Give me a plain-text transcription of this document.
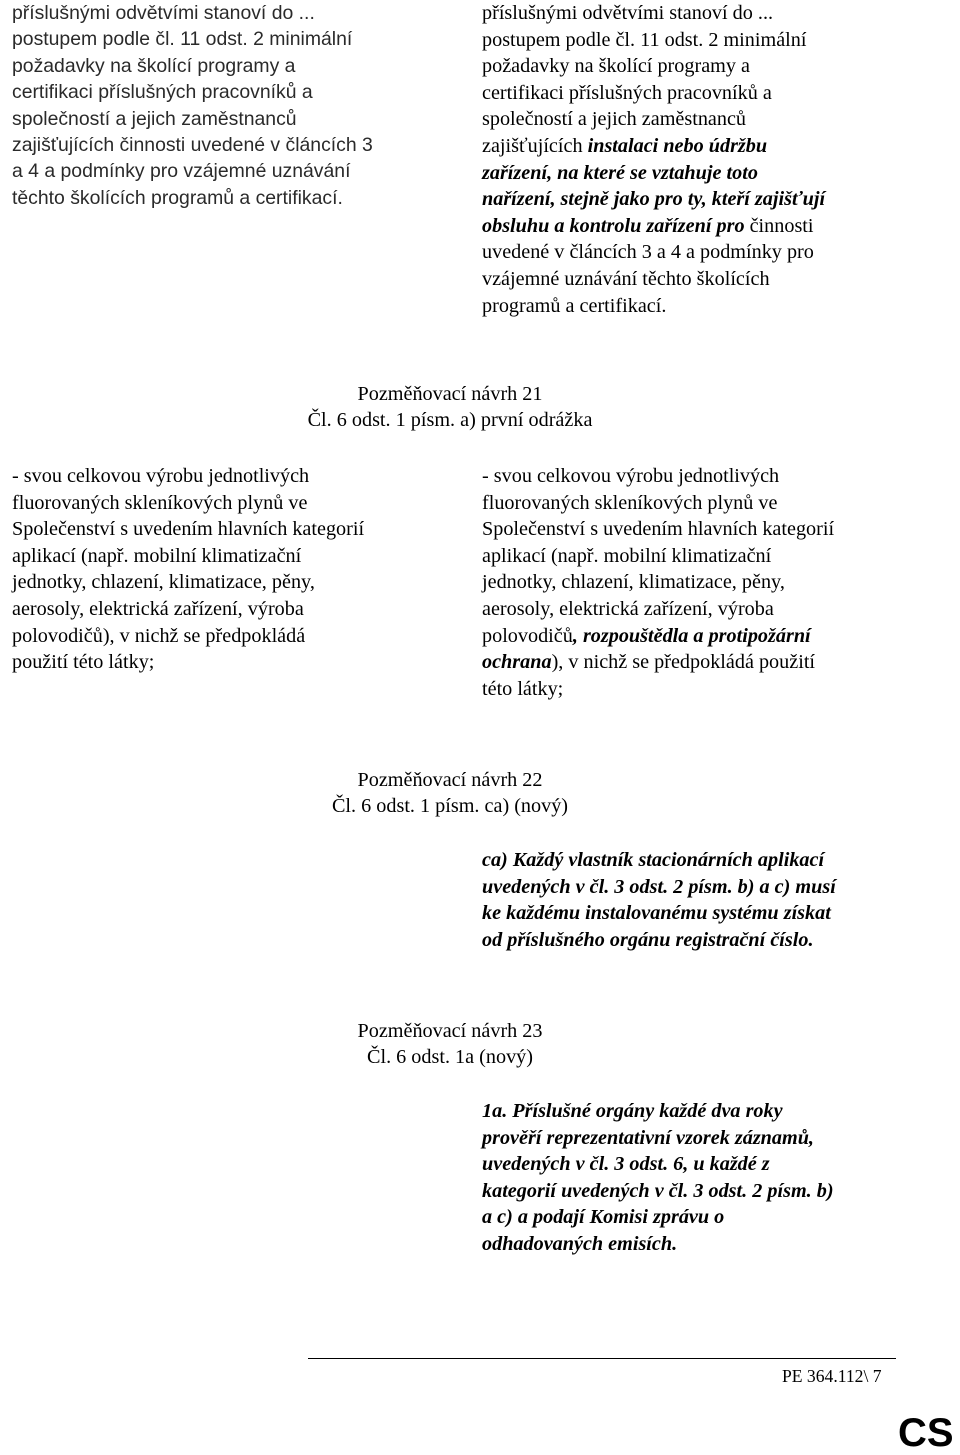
příslušnými odvětvími stanoví do ...
postupem podle čl. 11 odst. 2 minimální
požadavky na školící programy a
certifikaci příslušných pracovníků a
společností a jejich zaměstnanců
zajišťujících činnosti uvedené v článcích 3
a 4 a podmínky pro vzájemné uznávání
těchto školících programů a certifikací.
příslušnými odvětvími stanoví do ...
postupem podle čl. 11 odst. 2 minimální
požadavky na školící programy a
certifikaci příslušných pracovníků a
společností a jejich zaměstnanců
zajišťujících instalaci nebo údržbu
zařízení, na které se vztahuje toto
nařízení, stejně jako pro ty, kteří zajišťují
obsluhu a kontrolu zařízení pro činnosti
uvedené v článcích 3 a 4 a podmínky pro
vzájemné uznávání těchto školících
programů a certifikací.
Pozměňovací návrh 21
Čl. 6 odst. 1 písm. a) první odrážka
- svou celkovou výrobu jednotlivých
fluorovaných skleníkových plynů ve
Společenství s uvedením hlavních kategorií
aplikací (např. mobilní klimatizační
jednotky, chlazení, klimatizace, pěny,
aerosoly, elektrická zařízení, výroba
polovodičů), v nichž se předpokládá
použití této látky;
- svou celkovou výrobu jednotlivých
fluorovaných skleníkových plynů ve
Společenství s uvedením hlavních kategorií
aplikací (např. mobilní klimatizační
jednotky, chlazení, klimatizace, pěny,
aerosoly, elektrická zařízení, výroba
polovodičů, rozpouštědla a protipožární
ochrana), v nichž se předpokládá použití
této látky;
Pozměňovací návrh 22
Čl. 6 odst. 1 písm. ca) (nový)
ca) Každý vlastník stacionárních aplikací
uvedených v čl. 3 odst. 2 písm. b) a c) musí
ke každému instalovanému systému získat
od příslušného orgánu registrační číslo.
Pozměňovací návrh 23
Čl. 6 odst. 1a (nový)
1a. Příslušné orgány každé dva roky
prověří reprezentativní vzorek záznamů,
uvedených v čl. 3 odst. 6, u každé z
kategorií uvedených v čl. 3 odst. 2 písm. b)
a c) a podají Komisi zprávu o
odhadovaných emisích.
PE 364.112\ 7
CS
